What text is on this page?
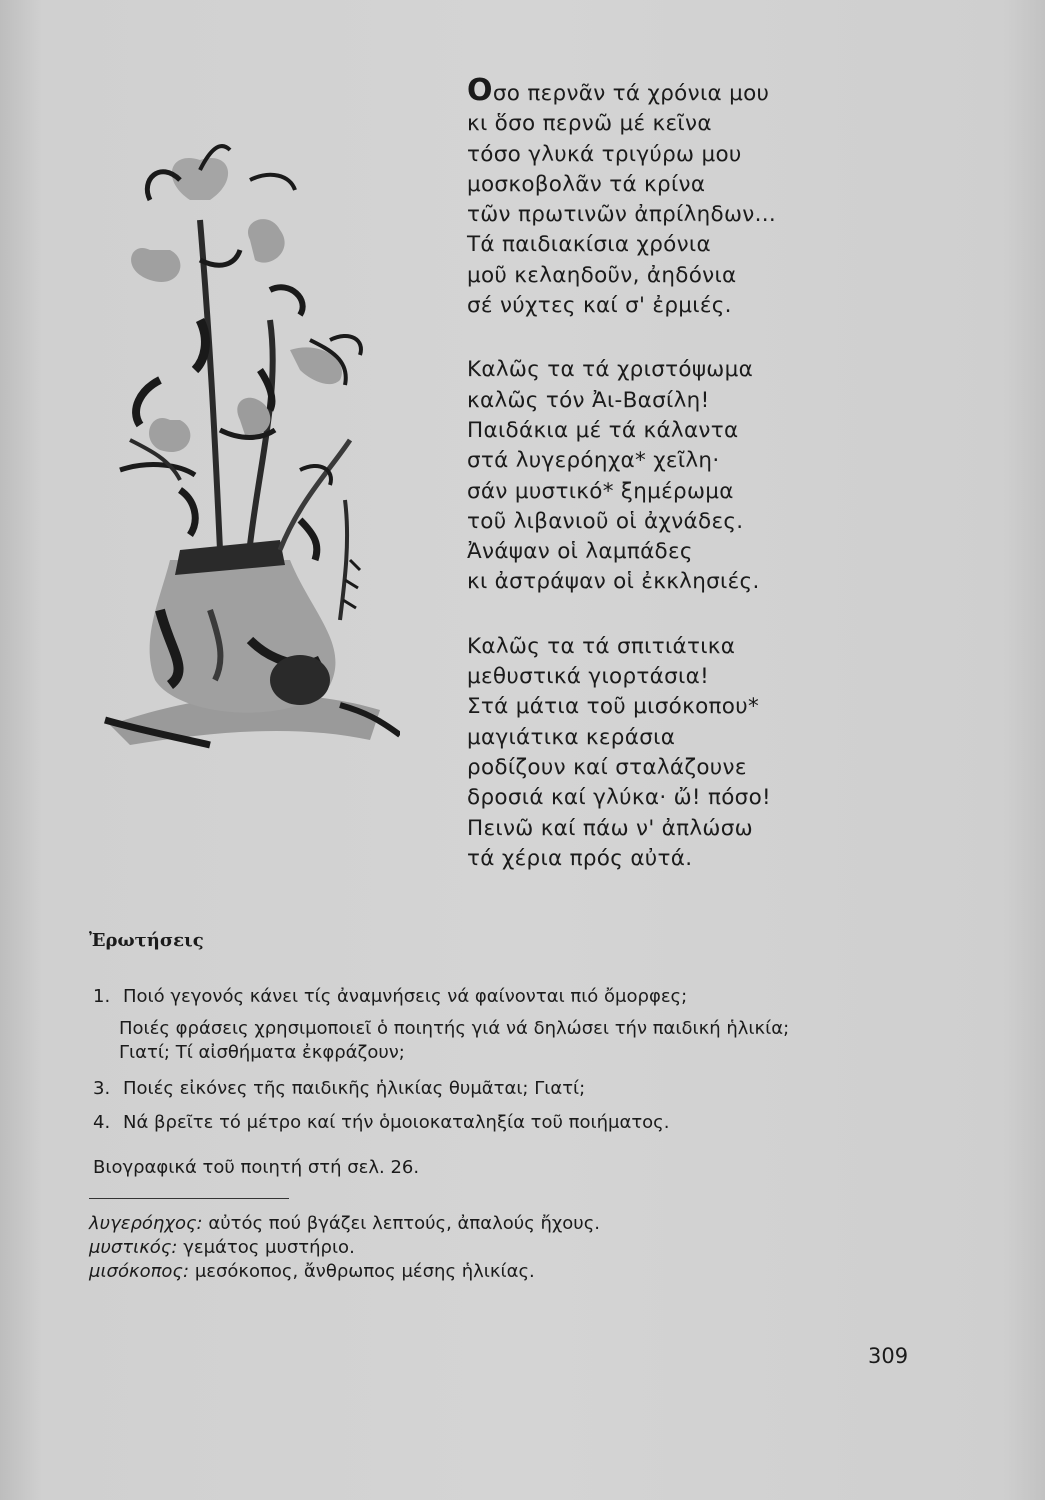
Οσο περνᾶν τά χρόνια μου
κι ὅσο περνῶ μέ κεῖνα
τόσο γλυκά τριγύρω μου
μοσκοβολᾶν τά κρίνα
τῶν πρωτινῶν ἀπρίληδων...
Τά παιδιακίσια χρόνια
μοῦ κελαηδοῦν, ἀηδόνια
σέ νύχτες καί σ' ἐρμιές.
Καλῶς τα τά χριστόψωμα
καλῶς τόν Ἀι-Βασίλη!
Παιδάκια μέ τά κάλαντα
στά λυγερόηχα* χεῖλη·
σάν μυστικό* ξημέρωμα
τοῦ λιβανιοῦ οἱ ἀχνάδες.
Ἀνάψαν οἱ λαμπάδες
κι ἀστράψαν οἱ ἐκκλησιές.
Καλῶς τα τά σπιτιάτικα
μεθυστικά γιορτάσια!
Στά μάτια τοῦ μισόκοπου*
μαγιάτικα κεράσια
ροδίζουν καί σταλάζουνε
δροσιά καί γλύκα· ὤ! πόσο!
Πεινῶ καί πάω ν' ἀπλώσω
τά χέρια πρός αὐτά.
Ἐρωτήσεις
1. Ποιό γεγονός κάνει τίς ἀναμνήσεις νά φαίνονται πιό ὄμορφες;
Ποιές φράσεις χρησιμοποιεῖ ὁ ποιητής γιά νά δηλώσει τήν παιδική ἡλικία;
Γιατί; Τί αἰσθήματα ἐκφράζουν;
3. Ποιές εἰκόνες τῆς παιδικῆς ἡλικίας θυμᾶται; Γιατί;
4. Νά βρεῖτε τό μέτρο καί τήν ὁμοιοκαταληξία τοῦ ποιήματος.
Βιογραφικά τοῦ ποιητή στή σελ. 26.
λυγερόηχος: αὐτός πού βγάζει λεπτούς, ἀπαλούς ἤχους.
μυστικός: γεμάτος μυστήριο.
μισόκοπος: μεσόκοπος, ἄνθρωπος μέσης ἡλικίας.
309
